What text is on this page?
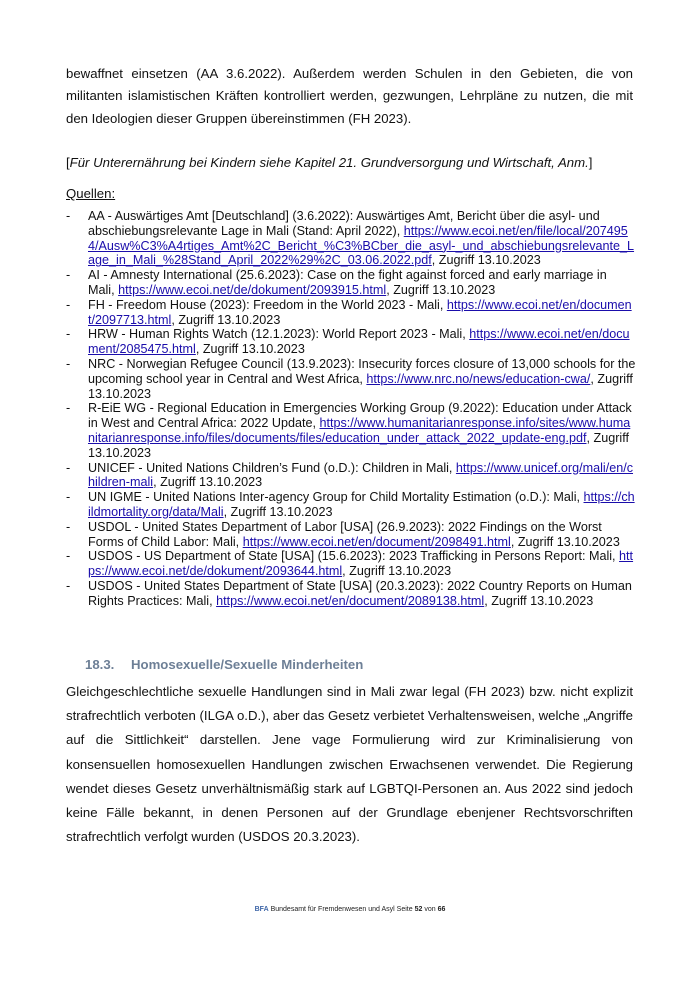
bewaffnet einsetzen (AA 3.6.2022). Außerdem werden Schulen in den Gebieten, die von militanten islamistischen Kräften kontrolliert werden, gezwungen, Lehrpläne zu nutzen, die mit den Ideologien dieser Gruppen übereinstimmen (FH 2023).

[Für Unterernährung bei Kindern siehe Kapitel 21. Grundversorgung und Wirtschaft, Anm.]

Quellen:

-	AA - Auswärtiges Amt [Deutschland] (3.6.2022): Auswärtiges Amt, Bericht über die asyl- und abschiebungsrelevante Lage in Mali (Stand: April 2022), https://www.ecoi.net/en/file/local/2074954/Ausw%C3%A4rtiges_Amt%2C_Bericht_%C3%BCber_die_asyl-_und_abschiebungsrelevante_Lage_in_Mali_%28Stand_April_2022%29%2C_03.06.2022.pdf, Zugriff 13.10.2023
-	AI - Amnesty International (25.6.2023): Case on the fight against forced and early marriage in Mali, https://www.ecoi.net/de/dokument/2093915.html, Zugriff 13.10.2023
-	FH - Freedom House (2023): Freedom in the World 2023 - Mali, https://www.ecoi.net/en/document/2097713.html, Zugriff 13.10.2023
-	HRW - Human Rights Watch (12.1.2023): World Report 2023 - Mali, https://www.ecoi.net/en/document/2085475.html, Zugriff 13.10.2023
-	NRC - Norwegian Refugee Council (13.9.2023): Insecurity forces closure of 13,000 schools for the upcoming school year in Central and West Africa, https://www.nrc.no/news/education-cwa/, Zugriff 13.10.2023
-	R-EiE WG - Regional Education in Emergencies Working Group (9.2022): Education under Attack in West and Central Africa: 2022 Update, https://www.humanitarianresponse.info/sites/www.humanitarianresponse.info/files/documents/files/education_under_attack_2022_update-eng.pdf, Zugriff 13.10.2023
-	UNICEF - United Nations Children’s Fund (o.D.): Children in Mali, https://www.unicef.org/mali/en/children-mali, Zugriff 13.10.2023
-	UN IGME - United Nations Inter-agency Group for Child Mortality Estimation (o.D.): Mali, https://childmortality.org/data/Mali, Zugriff 13.10.2023
-	USDOL - United States Department of Labor [USA] (26.9.2023): 2022 Findings on the Worst Forms of Child Labor: Mali, https://www.ecoi.net/en/document/2098491.html, Zugriff 13.10.2023
-	USDOS - US Department of State [USA] (15.6.2023): 2023 Trafficking in Persons Report: Mali, https://www.ecoi.net/de/dokument/2093644.html, Zugriff 13.10.2023
-	USDOS - United States Department of State [USA] (20.3.2023): 2022 Country Reports on Human Rights Practices: Mali, https://www.ecoi.net/en/document/2089138.html, Zugriff 13.10.2023

18.3. Homosexuelle/Sexuelle Minderheiten

Gleichgeschlechtliche sexuelle Handlungen sind in Mali zwar legal (FH 2023) bzw. nicht explizit strafrechtlich verboten (ILGA o.D.), aber das Gesetz verbietet Verhaltensweisen, welche „Angriffe auf die Sittlichkeit“ darstellen. Jene vage Formulierung wird zur Kriminalisierung von konsensuellen homosexuellen Handlungen zwischen Erwachsenen verwendet. Die Regierung wendet dieses Gesetz unverhältnismäßig stark auf LGBTQI-Personen an. Aus 2022 sind jedoch keine Fälle bekannt, in denen Personen auf der Grundlage ebenjener Rechtsvorschriften strafrechtlich verfolgt wurden (USDOS 20.3.2023).

BFA Bundesamt für Fremdenwesen und Asyl Seite 52 von 66
